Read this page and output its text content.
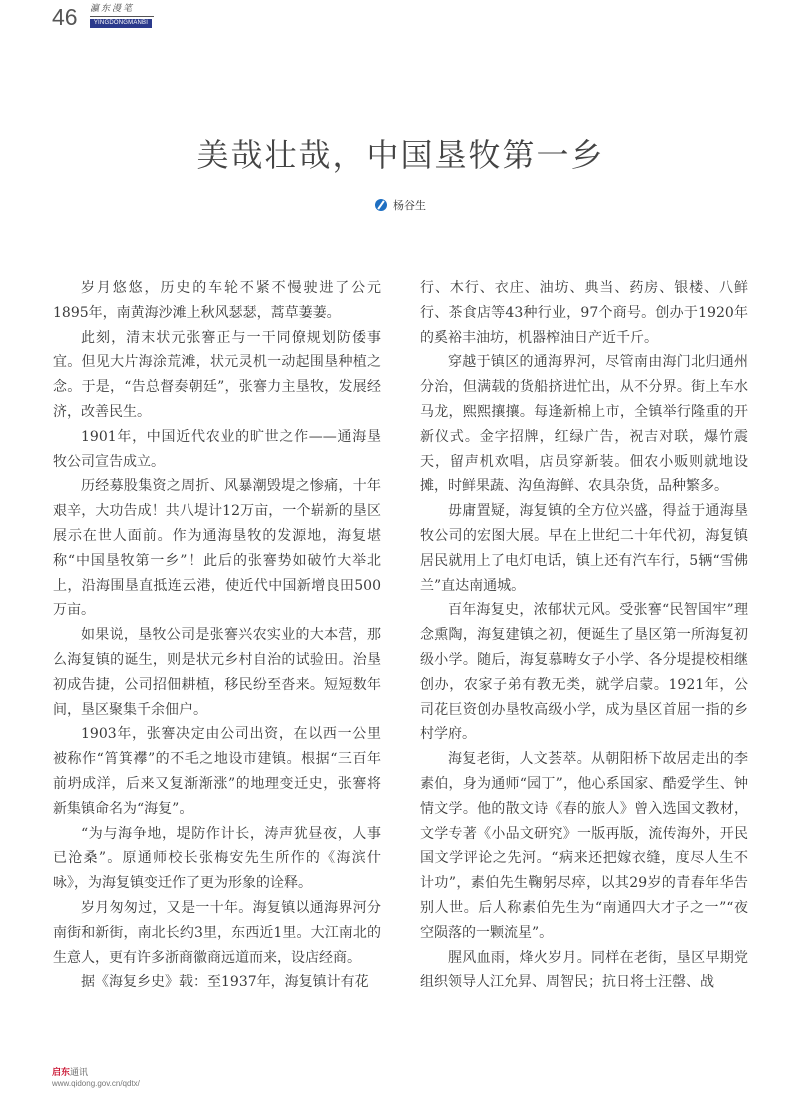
46 瀛东漫笔
YINGDONGMANBI
美哉壮哉，中国垦牧第一乡
杨谷生

岁月悠悠，历史的车轮不紧不慢驶进了公元1895年，南黄海沙滩上秋风瑟瑟，蒿草萋萋。

此刻，清末状元张謇正与一干同僚规划防倭事宜。但见大片海涂荒滩，状元灵机一动起围垦种植之念。于是，“告总督奏朝廷”，张謇力主垦牧，发展经济，改善民生。

1901年，中国近代农业的旷世之作——通海垦牧公司宣告成立。

历经募股集资之周折、风暴潮毁堤之惨痛，十年艰辛，大功告成！共八堤计12万亩，一个崭新的垦区展示在世人面前。作为通海垦牧的发源地，海复堪称“中国垦牧第一乡”！此后的张謇势如破竹大举北上，沿海围垦直抵连云港，使近代中国新增良田500万亩。

如果说，垦牧公司是张謇兴农实业的大本营，那么海复镇的诞生，则是状元乡村自治的试验田。治垦初成告捷，公司招佃耕植，移民纷至沓来。短短数年间，垦区聚集千余佃户。

1903年，张謇决定由公司出资，在以西一公里被称作“筲箕襻”的不毛之地设市建镇。根据“三百年前坍成洋，后来又复渐渐涨”的地理变迁史，张謇将新集镇命名为“海复”。

“为与海争地，堤防作计长，涛声犹昼夜，人事已沧桑”。原通师校长张梅安先生所作的《海滨什咏》，为海复镇变迁作了更为形象的诠释。

岁月匆匆过，又是一十年。海复镇以通海界河分南街和新街，南北长约3里，东西近1里。大江南北的生意人，更有许多浙商徽商远道而来，设店经商。

据《海复乡史》载：至1937年，海复镇计有花

行、木行、衣庄、油坊、典当、药房、银楼、八鲜行、茶食店等43种行业，97个商号。创办于1920年的奚裕丰油坊，机器榨油日产近千斤。

穿越于镇区的通海界河，尽管南由海门北归通州分治，但满载的货船挤进忙出，从不分界。街上车水马龙，熙熙攘攘。每逢新棉上市，全镇举行隆重的开新仪式。金字招牌，红绿广告，祝吉对联，爆竹震天，留声机欢唱，店员穿新装。佃农小贩则就地设摊，时鲜果蔬、沟鱼海鲜、农具杂货，品种繁多。

毋庸置疑，海复镇的全方位兴盛，得益于通海垦牧公司的宏图大展。早在上世纪二十年代初，海复镇居民就用上了电灯电话，镇上还有汽车行，5辆“雪佛兰”直达南通城。

百年海复史，浓郁状元风。受张謇“民智国牢”理念熏陶，海复建镇之初，便诞生了垦区第一所海复初级小学。随后，海复慕畴女子小学、各分堤提校相继创办，农家子弟有教无类，就学启蒙。1921年，公司花巨资创办垦牧高级小学，成为垦区首屈一指的乡村学府。

海复老街，人文荟萃。从朝阳桥下故居走出的李素伯，身为通师“园丁”，他心系国家、酷爱学生、钟情文学。他的散文诗《春的旅人》曾入选国文教材，文学专著《小品文研究》一版再版，流传海外，开民国文学评论之先河。“病来还把嫁衣缝，度尽人生不计功”，素伯先生鞠躬尽瘁，以其29岁的青春年华告别人世。后人称素伯先生为“南通四大才子之一”“夜空陨落的一颗流星”。

腥风血雨，烽火岁月。同样在老街，垦区早期党组织领导人江允昇、周智民；抗日将士汪罄、战

启东通讯
www.qidong.gov.cn/qdtx/
